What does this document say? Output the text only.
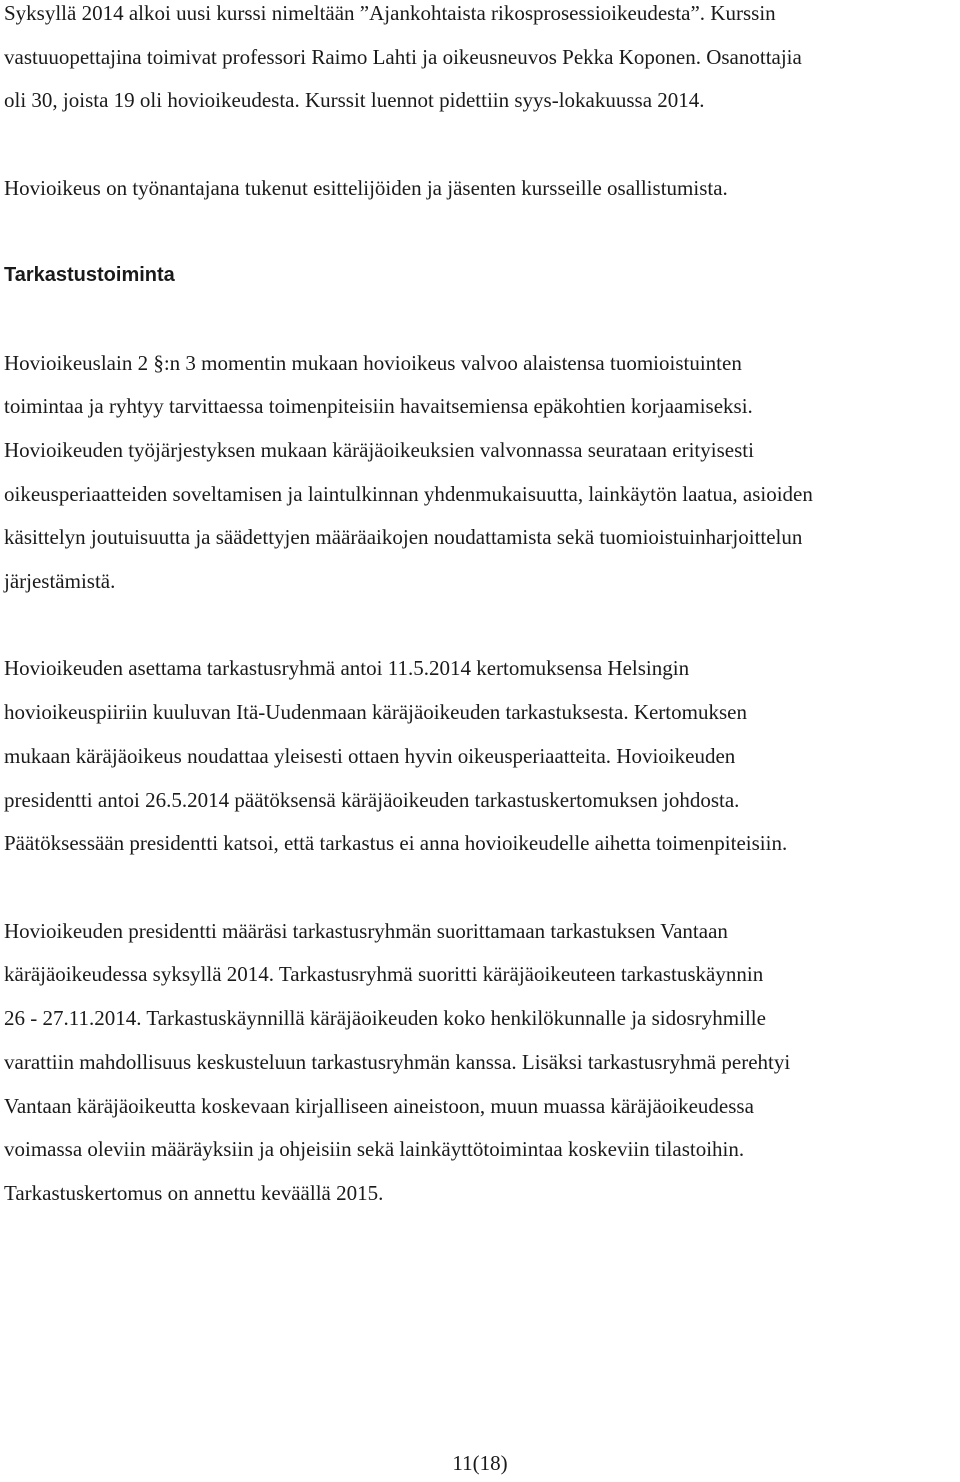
Syksyllä 2014 alkoi uusi kurssi nimeltään ”Ajankohtaista rikosprosessioikeudesta”. Kurssin

vastuuopettajina toimivat professori Raimo Lahti ja oikeusneuvos Pekka Koponen. Osanottajia

oli 30, joista 19 oli hovioikeudesta. Kurssit luennot pidettiin syys-lokakuussa 2014.

Hovioikeus on työnantajana tukenut esittelijöiden ja jäsenten kursseille osallistumista.

Tarkastustoiminta

Hovioikeuslain 2 §:n 3 momentin mukaan hovioikeus valvoo alaistensa tuomioistuinten

toimintaa ja ryhtyy tarvittaessa toimenpiteisiin havaitsemiensa epäkohtien korjaamiseksi.

Hovioikeuden työjärjestyksen mukaan käräjäoikeuksien valvonnassa seurataan erityisesti

oikeusperiaatteiden soveltamisen ja laintulkinnan yhdenmukaisuutta, lainkäytön laatua, asioiden

käsittelyn joutuisuutta ja säädettyjen määräaikojen noudattamista sekä tuomioistuinharjoittelun

järjestämistä.

Hovioikeuden asettama tarkastusryhmä antoi 11.5.2014 kertomuksensa Helsingin

hovioikeuspiiriin kuuluvan Itä-Uudenmaan käräjäoikeuden tarkastuksesta. Kertomuksen

mukaan käräjäoikeus noudattaa yleisesti ottaen hyvin oikeusperiaatteita. Hovioikeuden

presidentti antoi 26.5.2014 päätöksensä käräjäoikeuden tarkastuskertomuksen johdosta.

Päätöksessään presidentti katsoi, että tarkastus ei anna hovioikeudelle aihetta toimenpiteisiin.

Hovioikeuden presidentti määräsi tarkastusryhmän suorittamaan tarkastuksen Vantaan

käräjäoikeudessa syksyllä 2014. Tarkastusryhmä suoritti käräjäoikeuteen tarkastuskäynnin

26 - 27.11.2014. Tarkastuskäynnillä käräjäoikeuden koko henkilökunnalle ja sidosryhmille

varattiin mahdollisuus keskusteluun tarkastusryhmän kanssa. Lisäksi tarkastusryhmä perehtyi

Vantaan käräjäoikeutta koskevaan kirjalliseen aineistoon, muun muassa käräjäoikeudessa

voimassa oleviin määräyksiin ja ohjeisiin sekä lainkäyttötoimintaa koskeviin tilastoihin.

Tarkastuskertomus on annettu keväällä 2015.

11(18)
